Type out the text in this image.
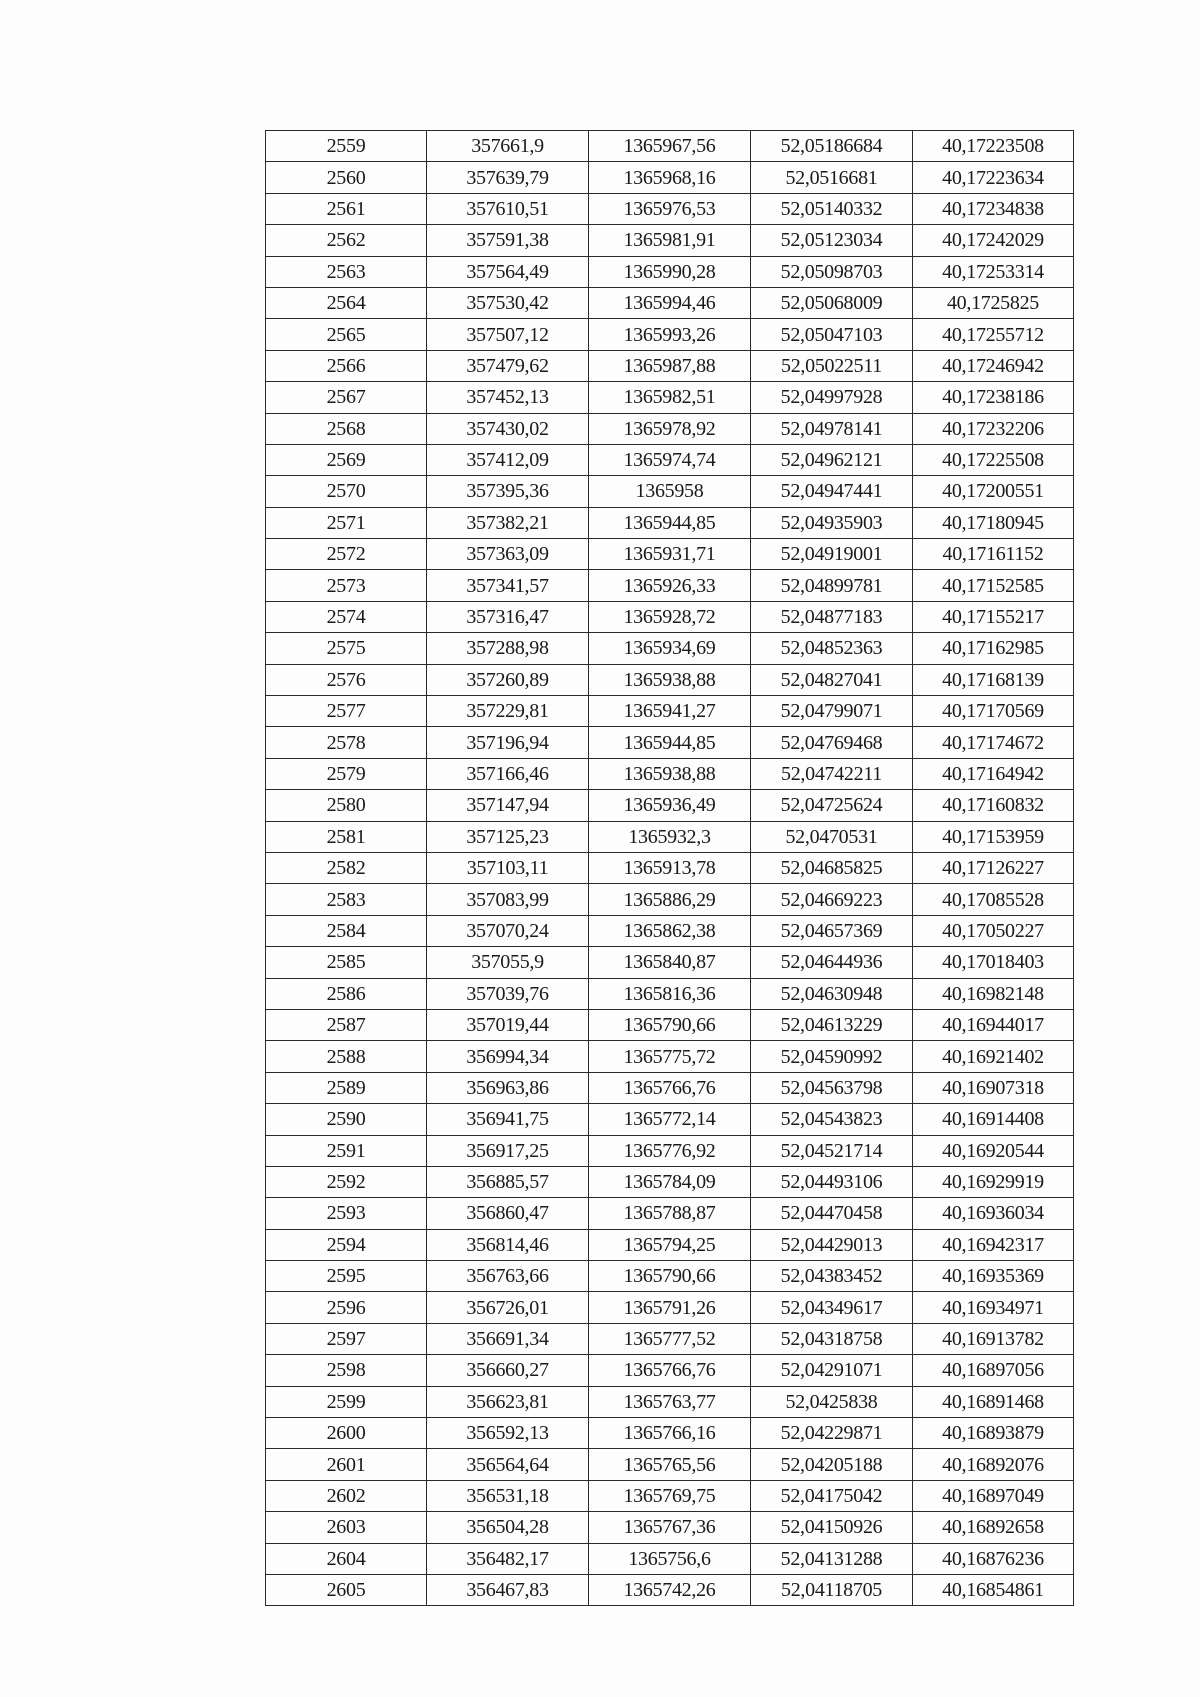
2559	357661,9	1365967,56	52,05186684	40,17223508
2560	357639,79	1365968,16	52,0516681	40,17223634
2561	357610,51	1365976,53	52,05140332	40,17234838
2562	357591,38	1365981,91	52,05123034	40,17242029
2563	357564,49	1365990,28	52,05098703	40,17253314
2564	357530,42	1365994,46	52,05068009	40,1725825
2565	357507,12	1365993,26	52,05047103	40,17255712
2566	357479,62	1365987,88	52,05022511	40,17246942
2567	357452,13	1365982,51	52,04997928	40,17238186
2568	357430,02	1365978,92	52,04978141	40,17232206
2569	357412,09	1365974,74	52,04962121	40,17225508
2570	357395,36	1365958	52,04947441	40,17200551
2571	357382,21	1365944,85	52,04935903	40,17180945
2572	357363,09	1365931,71	52,04919001	40,17161152
2573	357341,57	1365926,33	52,04899781	40,17152585
2574	357316,47	1365928,72	52,04877183	40,17155217
2575	357288,98	1365934,69	52,04852363	40,17162985
2576	357260,89	1365938,88	52,04827041	40,17168139
2577	357229,81	1365941,27	52,04799071	40,17170569
2578	357196,94	1365944,85	52,04769468	40,17174672
2579	357166,46	1365938,88	52,04742211	40,17164942
2580	357147,94	1365936,49	52,04725624	40,17160832
2581	357125,23	1365932,3	52,0470531	40,17153959
2582	357103,11	1365913,78	52,04685825	40,17126227
2583	357083,99	1365886,29	52,04669223	40,17085528
2584	357070,24	1365862,38	52,04657369	40,17050227
2585	357055,9	1365840,87	52,04644936	40,17018403
2586	357039,76	1365816,36	52,04630948	40,16982148
2587	357019,44	1365790,66	52,04613229	40,16944017
2588	356994,34	1365775,72	52,04590992	40,16921402
2589	356963,86	1365766,76	52,04563798	40,16907318
2590	356941,75	1365772,14	52,04543823	40,16914408
2591	356917,25	1365776,92	52,04521714	40,16920544
2592	356885,57	1365784,09	52,04493106	40,16929919
2593	356860,47	1365788,87	52,04470458	40,16936034
2594	356814,46	1365794,25	52,04429013	40,16942317
2595	356763,66	1365790,66	52,04383452	40,16935369
2596	356726,01	1365791,26	52,04349617	40,16934971
2597	356691,34	1365777,52	52,04318758	40,16913782
2598	356660,27	1365766,76	52,04291071	40,16897056
2599	356623,81	1365763,77	52,0425838	40,16891468
2600	356592,13	1365766,16	52,04229871	40,16893879
2601	356564,64	1365765,56	52,04205188	40,16892076
2602	356531,18	1365769,75	52,04175042	40,16897049
2603	356504,28	1365767,36	52,04150926	40,16892658
2604	356482,17	1365756,6	52,04131288	40,16876236
2605	356467,83	1365742,26	52,04118705	40,16854861
